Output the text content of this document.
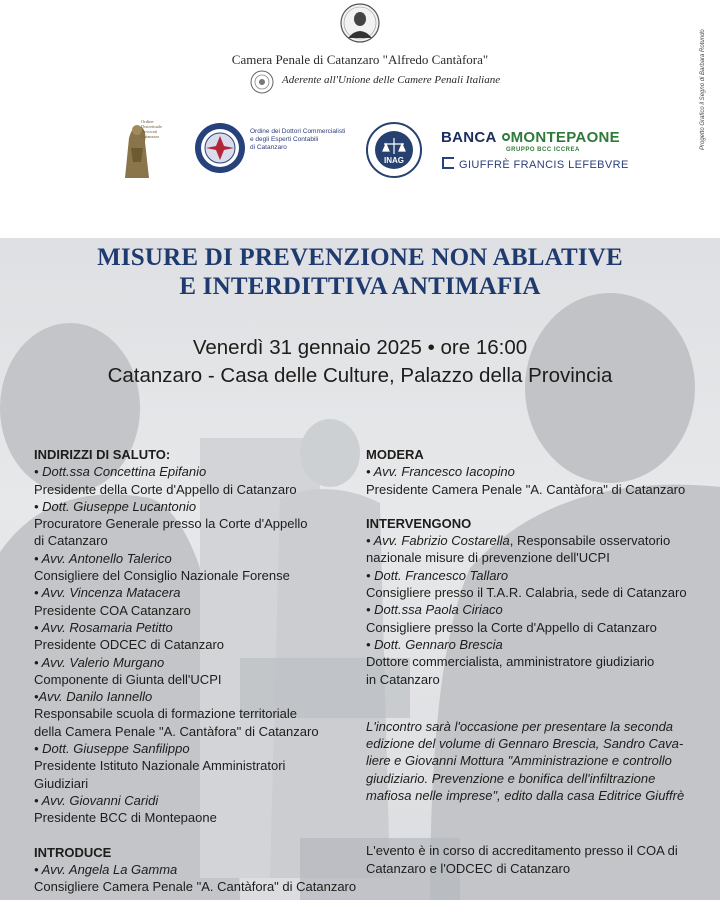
Camera Penale di Catanzaro "Alfredo Cantàfora"
Aderente all'Unione delle Camere Penali Italiane	Progetto Grafico il Segno di Barbara Rotundo
Ordine
Distrettuale
Avvocati
Catanzaro
Ordine dei Dottori Commercialisti
e degli Esperti Contabili
di Catanzaro
INAG
BANCA MONTEPAONE
GRUPPO BCC ICCREA
GIUFFRÈ FRANCIS LEFEBVRE
MISURE DI PREVENZIONE NON ABLATIVE
E INTERDITTIVA ANTIMAFIA
Venerdì 31 gennaio 2025 • ore 16:00
Catanzaro - Casa delle Culture, Palazzo della Provincia
INDIRIZZI DI SALUTO:
• Dott.ssa Concettina Epifanio
Presidente della Corte d'Appello di Catanzaro
• Dott. Giuseppe Lucantonio
Procuratore Generale presso la Corte d'Appello
di Catanzaro
• Avv. Antonello Talerico
Consigliere del Consiglio Nazionale Forense
• Avv. Vincenza Matacera
Presidente COA Catanzaro
• Avv. Rosamaria Petitto
Presidente ODCEC di Catanzaro
• Avv. Valerio Murgano
Componente di Giunta dell'UCPI
•Avv. Danilo Iannello
Responsabile scuola di formazione territoriale
della Camera Penale "A. Cantàfora" di Catanzaro
• Dott. Giuseppe Sanfilippo
Presidente Istituto Nazionale Amministratori
Giudiziari
• Avv. Giovanni Caridi
Presidente BCC di Montepaone
INTRODUCE
• Avv. Angela La Gamma
Consigliere Camera Penale "A. Cantàfora" di Catanzaro
MODERA
• Avv. Francesco Iacopino
Presidente Camera Penale "A. Cantàfora" di Catanzaro
INTERVENGONO
• Avv. Fabrizio Costarella, Responsabile osservatorio
nazionale misure di prevenzione dell'UCPI
• Dott. Francesco Tallaro
Consigliere presso il T.A.R. Calabria, sede di Catanzaro
• Dott.ssa Paola Ciriaco
Consigliere presso la Corte d'Appello di Catanzaro
• Dott. Gennaro Brescia
Dottore commercialista, amministratore giudiziario
in Catanzaro
L'incontro sarà l'occasione per presentare la seconda
edizione del volume di Gennaro Brescia, Sandro Cava-
liere e Giovanni Mottura "Amministrazione e controllo
giudiziario. Prevenzione e bonifica dell'infiltrazione
mafiosa nelle imprese", edito dalla casa Editrice Giuffrè
L'evento è in corso di accreditamento presso il COA di
Catanzaro e l'ODCEC di Catanzaro
